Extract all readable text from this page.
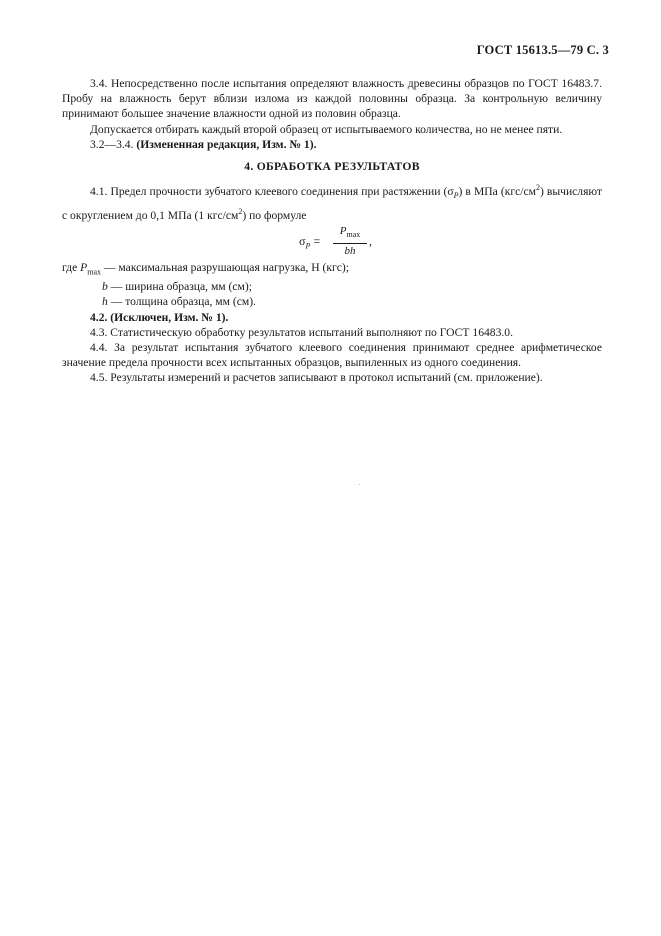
ГОСТ 15613.5—79 С. 3

3.4. Непосредственно после испытания определяют влажность древесины образцов по ГОСТ 16483.7. Пробу на влажность берут вблизи излома из каждой половины образца. За контрольную величину принимают большее значение влажности одной из половин образца.

Допускается отбирать каждый второй образец от испытываемого количества, но не менее пяти.

3.2—3.4. (Измененная редакция, Изм. № 1).

4. ОБРАБОТКА РЕЗУЛЬТАТОВ

4.1. Предел прочности зубчатого клеевого соединения при растяжении $(\sigma_P)$ в МПа $(кгс/см^2)$ вычисляют с округлением до 0,1 МПа (1 кгс/$см^2$) по формуле

$\sigma_P$ =
$P_{max}$
bh
,

где $P_{max}$ — максимальная разрушающая нагрузка, Н (кгс);

b — ширина образца, мм (см);

h — толщина образца, мм (см).

4.2. (Исключен, Изм. № 1).

4.3. Статистическую обработку результатов испытаний выполняют по ГОСТ 16483.0.

4.4. За результат испытания зубчатого клеевого соединения принимают среднее арифметическое значение предела прочности всех испытанных образцов, выпиленных из одного соединения.

4.5. Результаты измерений и расчетов записывают в протокол испытаний (см. приложение).
